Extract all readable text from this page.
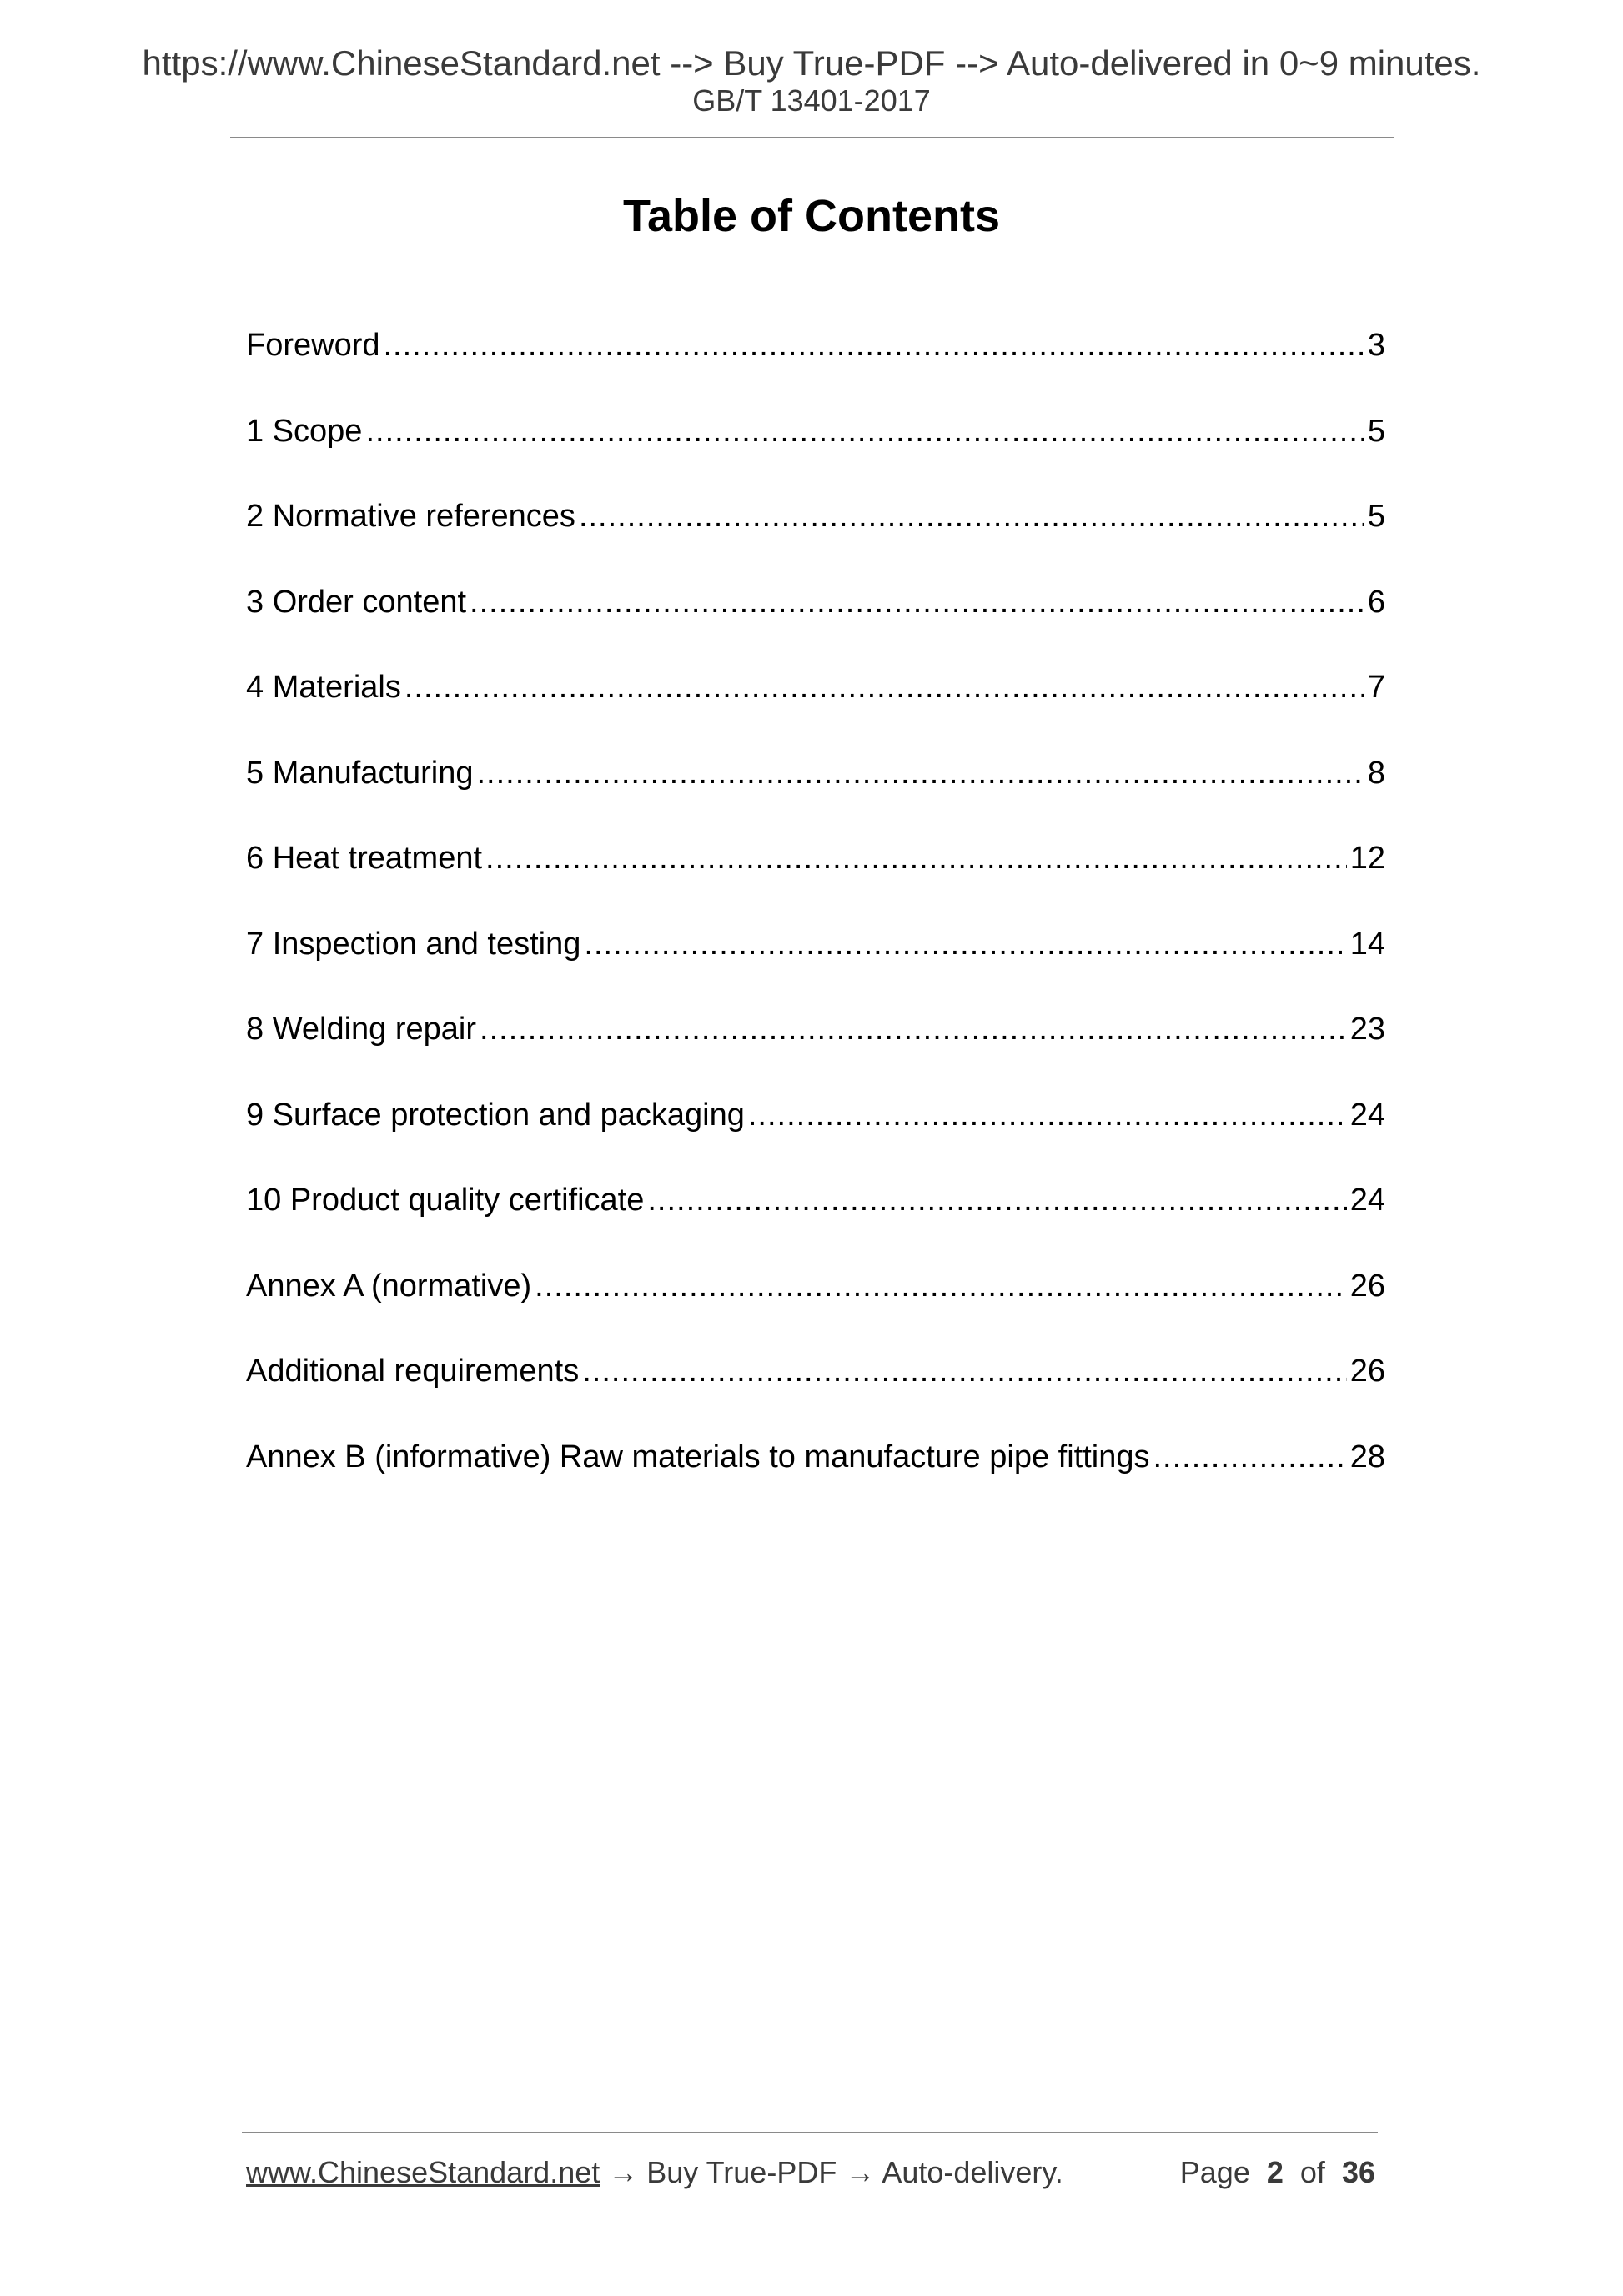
https://www.ChineseStandard.net --> Buy True-PDF --> Auto-delivered in 0~9 minutes.
GB/T 13401-2017
Table of Contents
Foreword .....	3
1 Scope .....	5
2 Normative references .....	5
3 Order content .....	6
4 Materials .....	7
5 Manufacturing .....	8
6 Heat treatment .....	12
7 Inspection and testing .....	14
8 Welding repair .....	23
9 Surface protection and packaging .....	24
10 Product quality certificate .....	24
Annex A (normative) .....	26
Additional requirements .....	26
Annex B (informative) Raw materials to manufacture pipe fittings .....	28
www.ChineseStandard.net → Buy True-PDF → Auto-delivery.	Page 2 of 36
